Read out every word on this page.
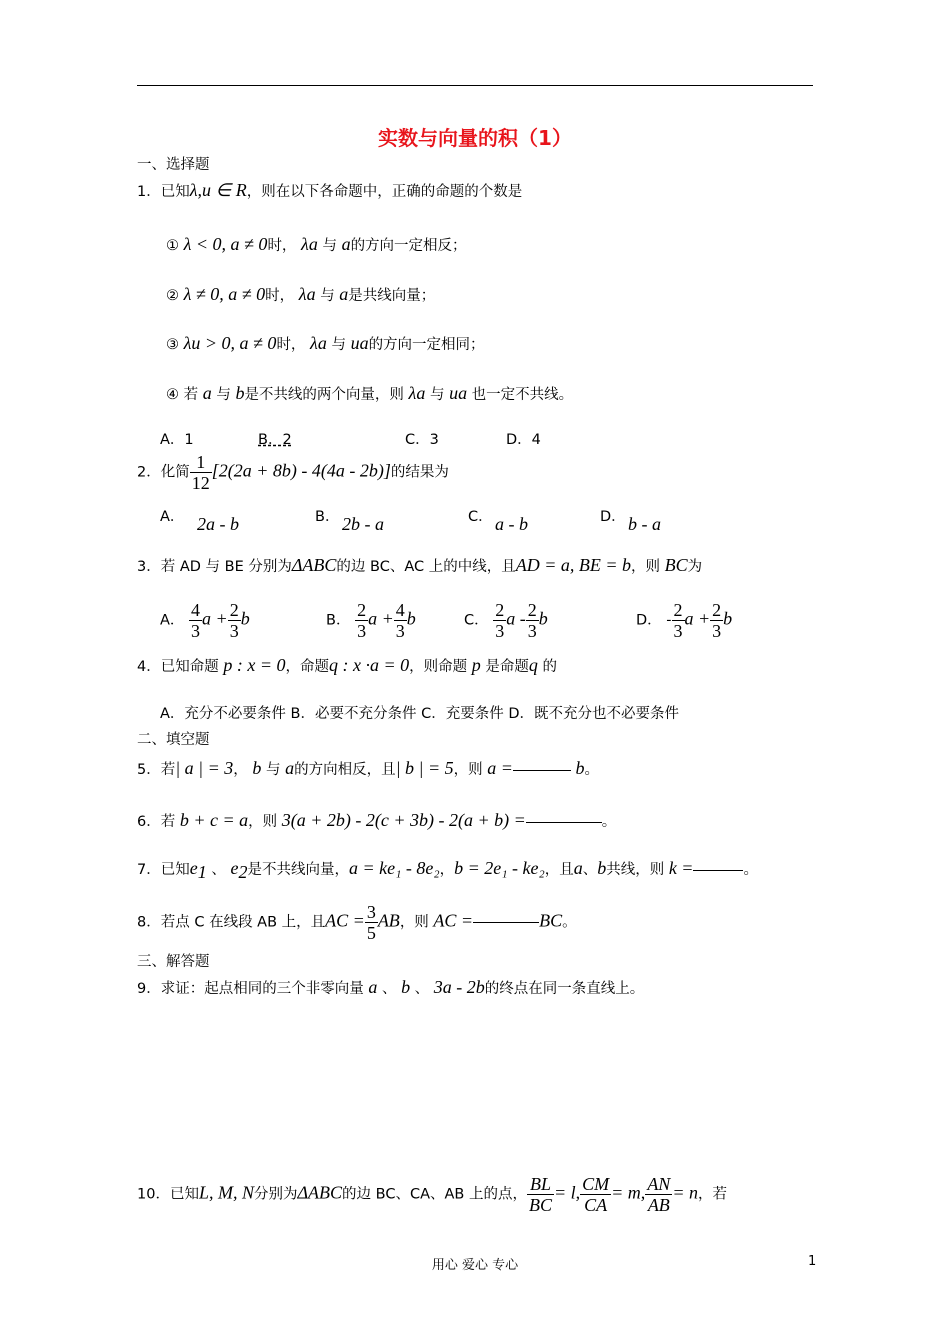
实数与向量的积（1）
一、选择题
1．已知λ,u ∈ R，则在以下各命题中，正确的命题的个数是
① λ < 0, a ≠ 0时， λa 与 a的方向一定相反；
② λ ≠ 0, a ≠ 0时， λa 与 a是共线向量；
③ λu > 0, a ≠ 0时， λa 与 ua的方向一定相同；
④ 若 a 与 b是不共线的两个向量，则 λa 与 ua 也一定不共线。
A．1	B．2	C．3	D．4
2．化简 $\frac{1}{12} [2(2a + 8b) - 4(4a - 2b)]$的结果为
A． 2a - b	B． 2b - a	C． a - b	D． b - a
3．若 AD 与 BE 分别为ΔABC的边 BC、AC 上的中线，且AD = a, BE = b，则 BC为
A． $\frac{4}{3}$ $a + \frac{2}{3}$ b	B． $\frac{2}{3}$ $a + \frac{4}{3}$ b	C． $\frac{2}{3}$ a - $\frac{2}{3}$ b	D． - $\frac{2}{3}$ $a + \frac{2}{3}$ b
4．已知命题 p : x = 0，命题q : x ·a = 0，则命题 p 是命题q 的
A．充分不必要条件 B．必要不充分条件 C．充要条件 D．既不充分也不必要条件
二、填空题
5．若| a | = 3， b 与 a的方向相反，且| b | = 5，则 a =	b。
6．若 b + c = a，则 3(a + 2b) - 2(c + 3b) - 2(a + b) =	。
7．已知$e_1$ 、 $e_2$是不共线向量，a = ke₁ - 8e₂，b = 2e₁ - ke₂，且a、b共线，则 k =	。
8．若点 C 在线段 AB 上，且AC = $\frac{3}{5}$ AB，则 AC =	BC。
三、解答题
9．求证：起点相同的三个非零向量 a 、 b 、 3a - 2b的终点在同一条直线上。
10．已知L, M, N分别为ΔABC的边 BC、CA、AB 上的点， $\frac{BL}{BC} = l$, $\frac{CM}{CA} = m$, $\frac{AN}{AB} = n$，若
用心 爱心 专心	1
